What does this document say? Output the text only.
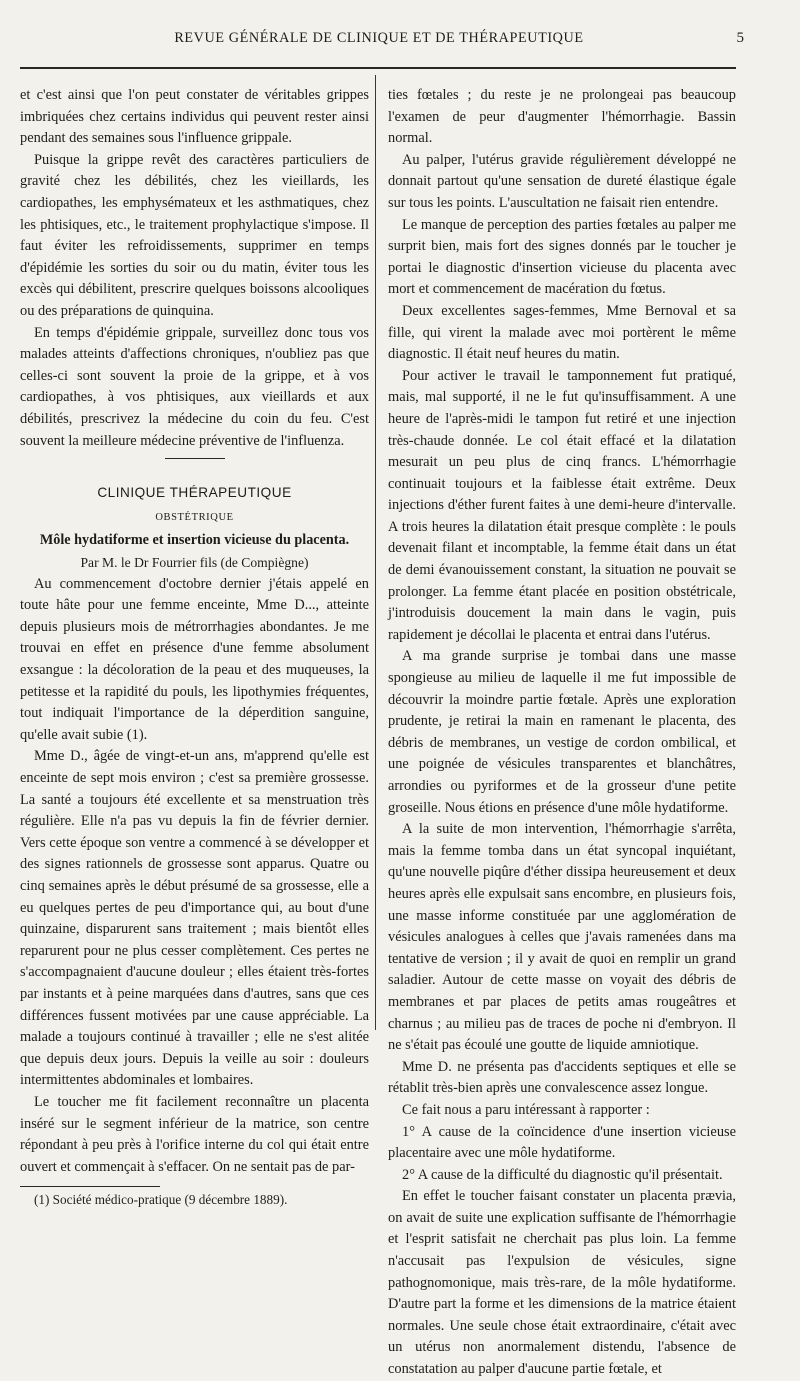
REVUE GÉNÉRALE DE CLINIQUE ET DE THÉRAPEUTIQUE	5

et c'est ainsi que l'on peut constater de véritables grippes imbriquées chez certains individus qui peuvent rester ainsi pendant des semaines sous l'influence grippale.

Puisque la grippe revêt des caractères particuliers de gravité chez les débilités, chez les vieillards, les cardiopathes, les emphysémateux et les asthmatiques, chez les phtisiques, etc., le traitement prophylactique s'impose. Il faut éviter les refroidissements, supprimer en temps d'épidémie les sorties du soir ou du matin, éviter tous les excès qui débilitent, prescrire quelques boissons alcooliques ou des préparations de quinquina.

En temps d'épidémie grippale, surveillez donc tous vos malades atteints d'affections chroniques, n'oubliez pas que celles-ci sont souvent la proie de la grippe, et à vos cardiopathes, à vos phtisiques, aux vieillards et aux débilités, prescrivez la médecine du coin du feu. C'est souvent la meilleure médecine préventive de l'influenza.

CLINIQUE THÉRAPEUTIQUE
OBSTÉTRIQUE
Môle hydatiforme et insertion vicieuse du placenta.
Par M. le Dr Fourrier fils (de Compiègne)

Au commencement d'octobre dernier j'étais appelé en toute hâte pour une femme enceinte, Mme D..., atteinte depuis plusieurs mois de métrorrhagies abondantes. Je me trouvai en effet en présence d'une femme absolument exsangue : la décoloration de la peau et des muqueuses, la petitesse et la rapidité du pouls, les lipothymies fréquentes, tout indiquait l'importance de la déperdition sanguine, qu'elle avait subie (1).

Mme D., âgée de vingt-et-un ans, m'apprend qu'elle est enceinte de sept mois environ ; c'est sa première grossesse. La santé a toujours été excellente et sa menstruation très régulière. Elle n'a pas vu depuis la fin de février dernier. Vers cette époque son ventre a commencé à se développer et des signes rationnels de grossesse sont apparus. Quatre ou cinq semaines après le début présumé de sa grossesse, elle a eu quelques pertes de peu d'importance qui, au bout d'une quinzaine, disparurent sans traitement ; mais bientôt elles reparurent pour ne plus cesser complètement. Ces pertes ne s'accompagnaient d'aucune douleur ; elles étaient très-fortes par instants et à peine marquées dans d'autres, sans que ces différences fussent motivées par une cause appréciable. La malade a toujours continué à travailler ; elle ne s'est alitée que depuis deux jours. Depuis la veille au soir : douleurs intermittentes abdominales et lombaires.

Le toucher me fit facilement reconnaître un placenta inséré sur le segment inférieur de la matrice, son centre répondant à peu près à l'orifice interne du col qui était entre ouvert et commençait à s'effacer. On ne sentait pas de par-

(1) Société médico-pratique (9 décembre 1889).

ties fœtales ; du reste je ne prolongeai pas beaucoup l'examen de peur d'augmenter l'hémorrhagie. Bassin normal.

Au palper, l'utérus gravide régulièrement développé ne donnait partout qu'une sensation de dureté élastique égale sur tous les points. L'auscultation ne faisait rien entendre.

Le manque de perception des parties fœtales au palper me surprit bien, mais fort des signes donnés par le toucher je portai le diagnostic d'insertion vicieuse du placenta avec mort et commencement de macération du fœtus.

Deux excellentes sages-femmes, Mme Bernoval et sa fille, qui virent la malade avec moi portèrent le même diagnostic. Il était neuf heures du matin.

Pour activer le travail le tamponnement fut pratiqué, mais, mal supporté, il ne le fut qu'insuffisamment. A une heure de l'après-midi le tampon fut retiré et une injection très-chaude donnée. Le col était effacé et la dilatation mesurait un peu plus de cinq francs. L'hémorrhagie continuait toujours et la faiblesse était extrême. Deux injections d'éther furent faites à une demi-heure d'intervalle. A trois heures la dilatation était presque complète : le pouls devenait filant et incomptable, la femme était dans un état de demi évanouissement constant, la situation ne pouvait se prolonger. La femme étant placée en position obstétricale, j'introduisis doucement la main dans le vagin, puis rapidement je décollai le placenta et entrai dans l'utérus.

A ma grande surprise je tombai dans une masse spongieuse au milieu de laquelle il me fut impossible de découvrir la moindre partie fœtale. Après une exploration prudente, je retirai la main en ramenant le placenta, des débris de membranes, un vestige de cordon ombilical, et une poignée de vésicules transparentes et blanchâtres, arrondies ou pyriformes et de la grosseur d'une petite groseille. Nous étions en présence d'une môle hydatiforme.

A la suite de mon intervention, l'hémorrhagie s'arrêta, mais la femme tomba dans un état syncopal inquiétant, qu'une nouvelle piqûre d'éther dissipa heureusement et deux heures après elle expulsait sans encombre, en plusieurs fois, une masse informe constituée par une agglomération de vésicules analogues à celles que j'avais ramenées dans ma tentative de version ; il y avait de quoi en remplir un grand saladier. Autour de cette masse on voyait des débris de membranes et par places de petits amas rougeâtres et charnus ; au milieu pas de traces de poche ni d'embryon. Il ne s'était pas écoulé une goutte de liquide amniotique.

Mme D. ne présenta pas d'accidents septiques et elle se rétablit très-bien après une convalescence assez longue.

Ce fait nous a paru intéressant à rapporter :

1° A cause de la coïncidence d'une insertion vicieuse placentaire avec une môle hydatiforme.

2° A cause de la difficulté du diagnostic qu'il présentait.

En effet le toucher faisant constater un placenta prævia, on avait de suite une explication suffisante de l'hémorrhagie et l'esprit satisfait ne cherchait pas plus loin. La femme n'accusait pas l'expulsion de vésicules, signe pathognomonique, mais très-rare, de la môle hydatiforme. D'autre part la forme et les dimensions de la matrice étaient normales. Une seule chose était extraordinaire, c'était avec un utérus non anormalement distendu, l'absence de constatation au palper d'aucune partie fœtale, et
